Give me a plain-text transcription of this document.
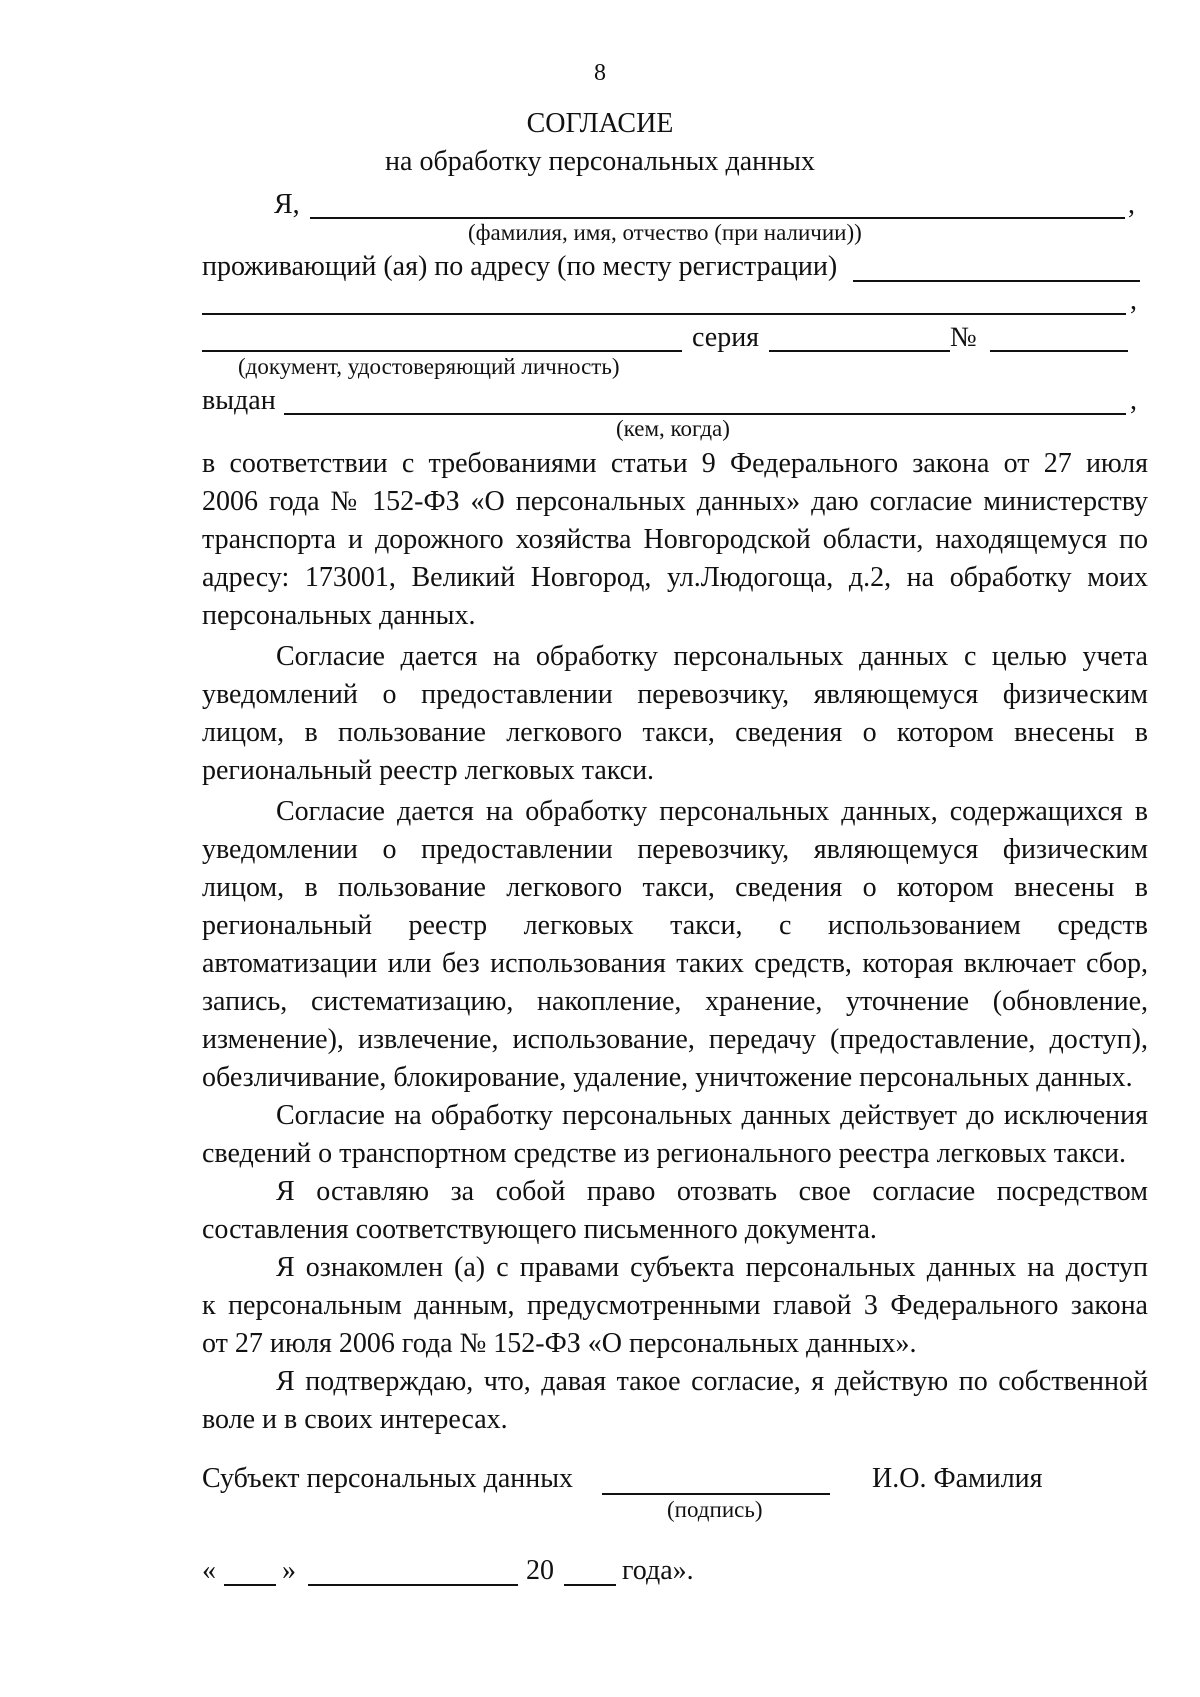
8
СОГЛАСИЕ
на обработку персональных данных
Я,	,
(фамилия, имя, отчество (при наличии))
проживающий (ая) по адресу (по месту регистрации)
,
серия	№
(документ, удостоверяющий личность)
выдан	,
(кем, когда)
в соответствии с требованиями статьи 9 Федерального закона от 27 июля
2006 года № 152-ФЗ «О персональных данных» даю согласие министерству
транспорта и дорожного хозяйства Новгородской области, находящемуся по
адресу: 173001, Великий Новгород, ул.Людогоща, д.2, на обработку моих
персональных данных.
Согласие дается на обработку персональных данных с целью учета
уведомлений о предоставлении перевозчику, являющемуся физическим
лицом, в пользование легкового такси, сведения о котором внесены в
региональный реестр легковых такси.
Согласие дается на обработку персональных данных, содержащихся в
уведомлении о предоставлении перевозчику, являющемуся физическим
лицом, в пользование легкового такси, сведения о котором внесены в
региональный реестр легковых такси, с использованием средств
автоматизации или без использования таких средств, которая включает сбор,
запись, систематизацию, накопление, хранение, уточнение (обновление,
изменение), извлечение, использование, передачу (предоставление, доступ),
обезличивание, блокирование, удаление, уничтожение персональных данных.
Согласие на обработку персональных данных действует до исключения
сведений о транспортном средстве из регионального реестра легковых такси.
Я оставляю за собой право отозвать свое согласие посредством
составления соответствующего письменного документа.
Я ознакомлен (а) с правами субъекта персональных данных на доступ
к персональным данным, предусмотренными главой 3 Федерального закона
от 27 июля 2006 года № 152-ФЗ «О персональных данных».
Я подтверждаю, что, давая такое согласие, я действую по собственной
воле и в своих интересах.
Субъект персональных данных	И.О. Фамилия
(подпись)
« »	20 года».
